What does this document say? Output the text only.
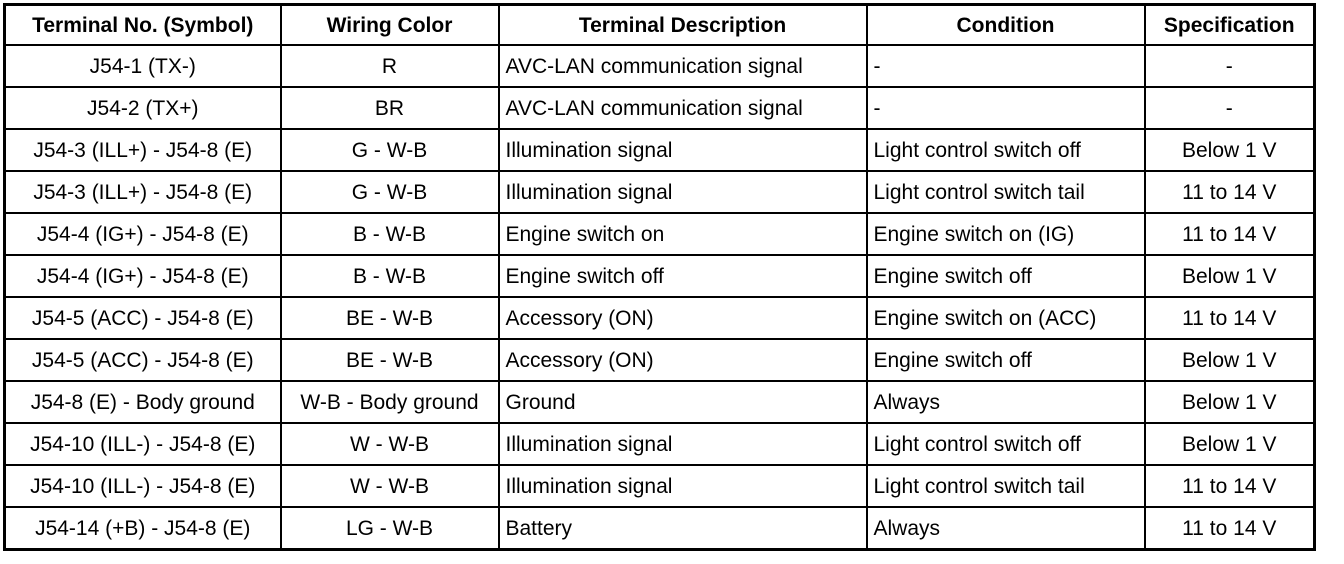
Terminal No. (Symbol)	Wiring Color	Terminal Description	Condition	Specification
J54-1 (TX-)	R	AVC-LAN communication signal	-	-
J54-2 (TX+)	BR	AVC-LAN communication signal	-	-
J54-3 (ILL+) - J54-8 (E)	G - W-B	Illumination signal	Light control switch off	Below 1 V
J54-3 (ILL+) - J54-8 (E)	G - W-B	Illumination signal	Light control switch tail	11 to 14 V
J54-4 (IG+) - J54-8 (E)	B - W-B	Engine switch on	Engine switch on (IG)	11 to 14 V
J54-4 (IG+) - J54-8 (E)	B - W-B	Engine switch off	Engine switch off	Below 1 V
J54-5 (ACC) - J54-8 (E)	BE - W-B	Accessory (ON)	Engine switch on (ACC)	11 to 14 V
J54-5 (ACC) - J54-8 (E)	BE - W-B	Accessory (ON)	Engine switch off	Below 1 V
J54-8 (E) - Body ground	W-B - Body ground	Ground	Always	Below 1 V
J54-10 (ILL-) - J54-8 (E)	W - W-B	Illumination signal	Light control switch off	Below 1 V
J54-10 (ILL-) - J54-8 (E)	W - W-B	Illumination signal	Light control switch tail	11 to 14 V
J54-14 (+B) - J54-8 (E)	LG - W-B	Battery	Always	11 to 14 V
